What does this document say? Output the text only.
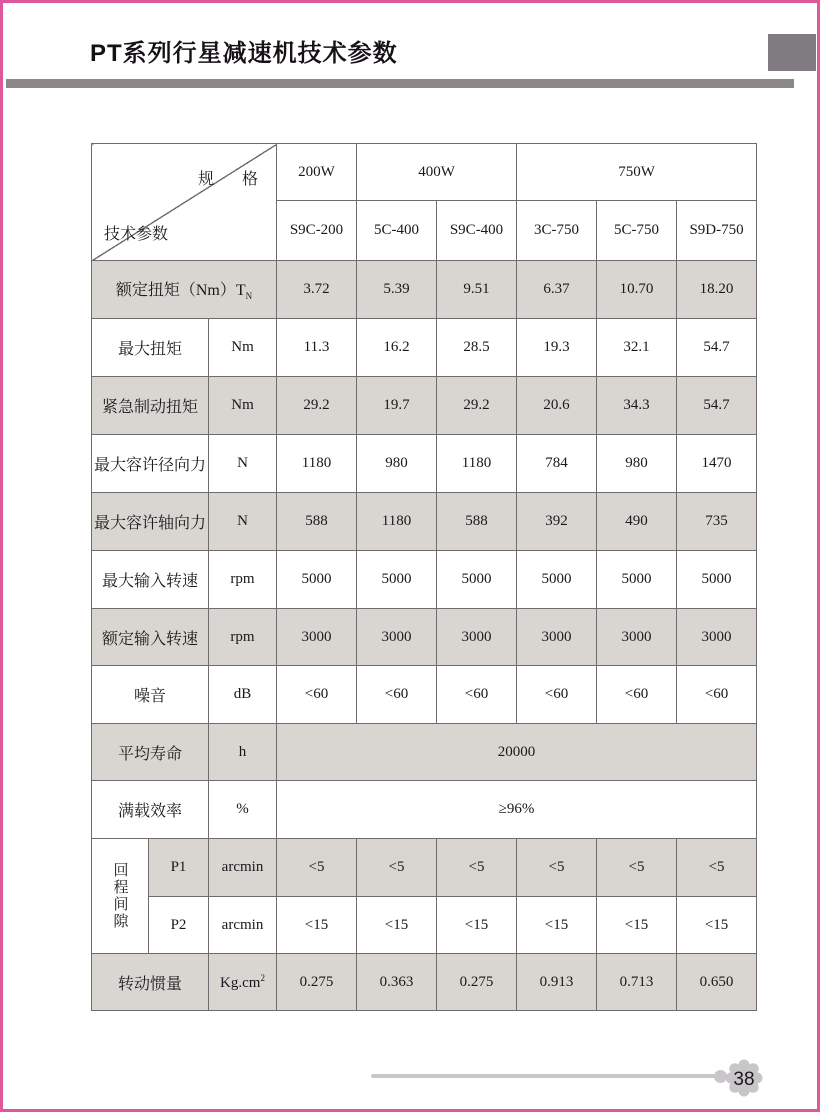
PT系列行星减速机技术参数
规　格
技术参数			200W	400W		750W		
			S9C-200	5C-400	S9C-400	3C-750	5C-750	S9D-750
额定扭矩$(Nm)T_N$			3.72	5.39	9.51	6.37	10.70	18.20
最大扭矩		Nm	11.3	16.2	28.5	19.3	32.1	54.7
紧急制动扭矩		Nm	29.2	19.7	29.2	20.6	34.3	54.7
最大容许径向力		N	1180	980	1180	784	980	1470
最大容许轴向力		N	588	1180	588	392	490	735
最大输入转速		rpm	5000	5000	5000	5000	5000	5000
额定输入转速		rpm	3000	3000	3000	3000	3000	3000
噪音		dB	<60	<60	<60	<60	<60	<60
平均寿命		h	20000					
满载效率		%	≥96%					
回程间隙	P1	arcmin	<5	<5	<5	<5	<5	<5
	P2	arcmin	<15	<15	<15	<15	<15	<15
转动惯量		$Kg.cm^2$	0.275	0.363	0.275	0.913	0.713	0.650
38
